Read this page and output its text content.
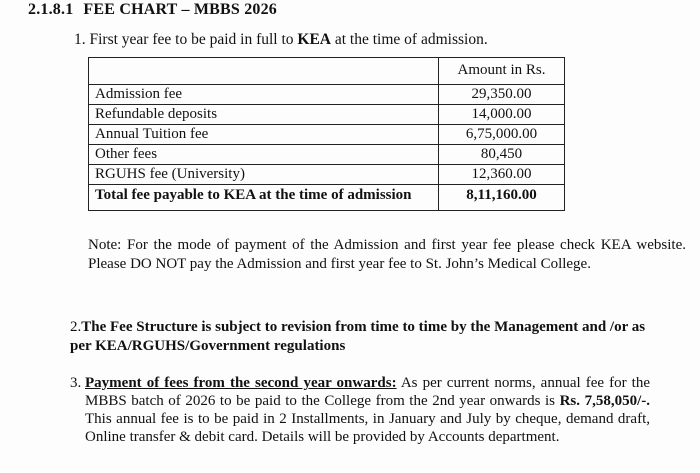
2.1.8.1 FEE CHART – MBBS 2026
1. First year fee to be paid in full to KEA at the time of admission.
	Amount in Rs.
Admission fee	29,350.00
Refundable deposits	14,000.00
Annual Tuition fee	6,75,000.00
Other fees	80,450
RGUHS fee (University)	12,360.00
Total fee payable to KEA at the time of admission	8,11,160.00
Note: For the mode of payment of the Admission and first year fee please check KEA website. Please DO NOT pay the Admission and first year fee to St. John’s Medical College.
2.The Fee Structure is subject to revision from time to time by the Management and /or as per KEA/RGUHS/Government regulations
3. Payment of fees from the second year onwards: As per current norms, annual fee for the MBBS batch of 2026 to be paid to the College from the 2nd year onwards is Rs. 7,58,050/-. This annual fee is to be paid in 2 Installments, in January and July by cheque, demand draft, Online transfer & debit card. Details will be provided by Accounts department.
